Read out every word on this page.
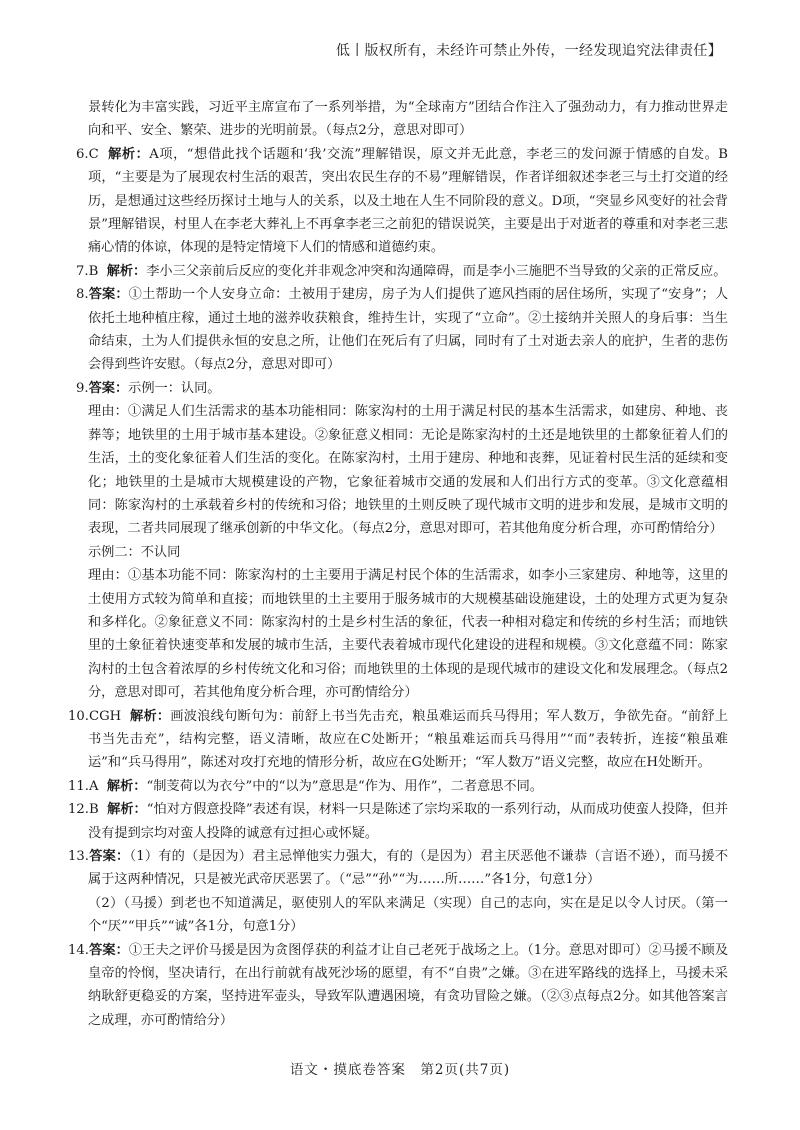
低丨版权所有，未经许可禁止外传，一经发现追究法律责任】

景转化为丰富实践，习近平主席宣布了一系列举措，为“全球南方”团结合作注入了强劲动力，有力推动世界走向和平、安全、繁荣、进步的光明前景。（每点2分，意思对即可）

6.C 解析：A项，“想借此找个话题和‘我’交流”理解错误，原文并无此意，李老三的发问源于情感的自发。B项，“主要是为了展现农村生活的艰苦，突出农民生存的不易”理解错误，作者详细叙述李老三与土打交道的经历，是想通过这些经历探讨土地与人的关系，以及土地在人生不同阶段的意义。D项，“突显乡风变好的社会背景”理解错误，村里人在李老大葬礼上不再拿李老三之前犯的错误说笑，主要是出于对逝者的尊重和对李老三悲痛心情的体谅，体现的是特定情境下人们的情感和道德约束。

7.B 解析：李小三父亲前后反应的变化并非观念冲突和沟通障碍，而是李小三施肥不当导致的父亲的正常反应。

8.答案：①土帮助一个人安身立命：土被用于建房，房子为人们提供了遮风挡雨的居住场所，实现了“安身”；人依托土地种植庄稼，通过土地的滋养收获粮食，维持生计，实现了“立命”。②土接纳并关照人的身后事：当生命结束，土为人们提供永恒的安息之所，让他们在死后有了归属，同时有了土对逝去亲人的庇护，生者的悲伤会得到些许安慰。（每点2分，意思对即可）

9.答案：示例一：认同。

理由：①满足人们生活需求的基本功能相同：陈家沟村的土用于满足村民的基本生活需求，如建房、种地、丧葬等；地铁里的土用于城市基本建设。②象征意义相同：无论是陈家沟村的土还是地铁里的土都象征着人们的生活，土的变化象征着人们生活的变化。在陈家沟村，土用于建房、种地和丧葬，见证着村民生活的延续和变化；地铁里的土是城市大规模建设的产物，它象征着城市交通的发展和人们出行方式的变革。③文化意蕴相同：陈家沟村的土承载着乡村的传统和习俗；地铁里的土则反映了现代城市文明的进步和发展，是城市文明的表现，二者共同展现了继承创新的中华文化。（每点2分，意思对即可，若其他角度分析合理，亦可酌情给分）

示例二：不认同

理由：①基本功能不同：陈家沟村的土主要用于满足村民个体的生活需求，如李小三家建房、种地等，这里的土使用方式较为简单和直接；而地铁里的土主要用于服务城市的大规模基础设施建设，土的处理方式更为复杂和多样化。②象征意义不同：陈家沟村的土是乡村生活的象征，代表一种相对稳定和传统的乡村生活；而地铁里的土象征着快速变革和发展的城市生活，主要代表着城市现代化建设的进程和规模。③文化意蕴不同：陈家沟村的土包含着浓厚的乡村传统文化和习俗；而地铁里的土体现的是现代城市的建设文化和发展理念。（每点2分，意思对即可，若其他角度分析合理，亦可酌情给分）

10.CGH 解析：画波浪线句断句为：前舒上书当先击充，粮虽难运而兵马得用；军人数万，争欲先奋。“前舒上书当先击充”，结构完整，语义清晰，故应在C处断开；“粮虽难运而兵马得用”“而”表转折，连接“粮虽难运”和“兵马得用”，陈述对攻打充地的情形分析，故应在G处断开；“军人数万”语义完整，故应在H处断开。

11.A 解析：“制芰荷以为衣兮”中的“以为”意思是“作为、用作”，二者意思不同。

12.B 解析：“怕对方假意投降”表述有误，材料一只是陈述了宗均采取的一系列行动，从而成功使蛮人投降，但并没有提到宗均对蛮人投降的诚意有过担心或怀疑。

13.答案：（1）有的（是因为）君主忌惮他实力强大，有的（是因为）君主厌恶他不谦恭（言语不逊），而马援不属于这两种情况，只是被光武帝厌恶罢了。（“忌”“孙”“为……所……”各1分，句意1分）

（2）（马援）到老也不知道满足，驱使别人的军队来满足（实现）自己的志向，实在是足以令人讨厌。（第一个“厌”“甲兵”“诚”各1分，句意1分）

14.答案：①王夫之评价马援是因为贪图俘获的利益才让自己老死于战场之上。（1分。意思对即可）②马援不顾及皇帝的怜悯，坚决请行，在出行前就有战死沙场的愿望，有不“自贵”之嫌。③在进军路线的选择上，马援未采纳耿舒更稳妥的方案，坚持进军壶头，导致军队遭遇困境，有贪功冒险之嫌。（②③点每点2分。如其他答案言之成理，亦可酌情给分）

语文・摸底卷答案　第2页(共7页)
